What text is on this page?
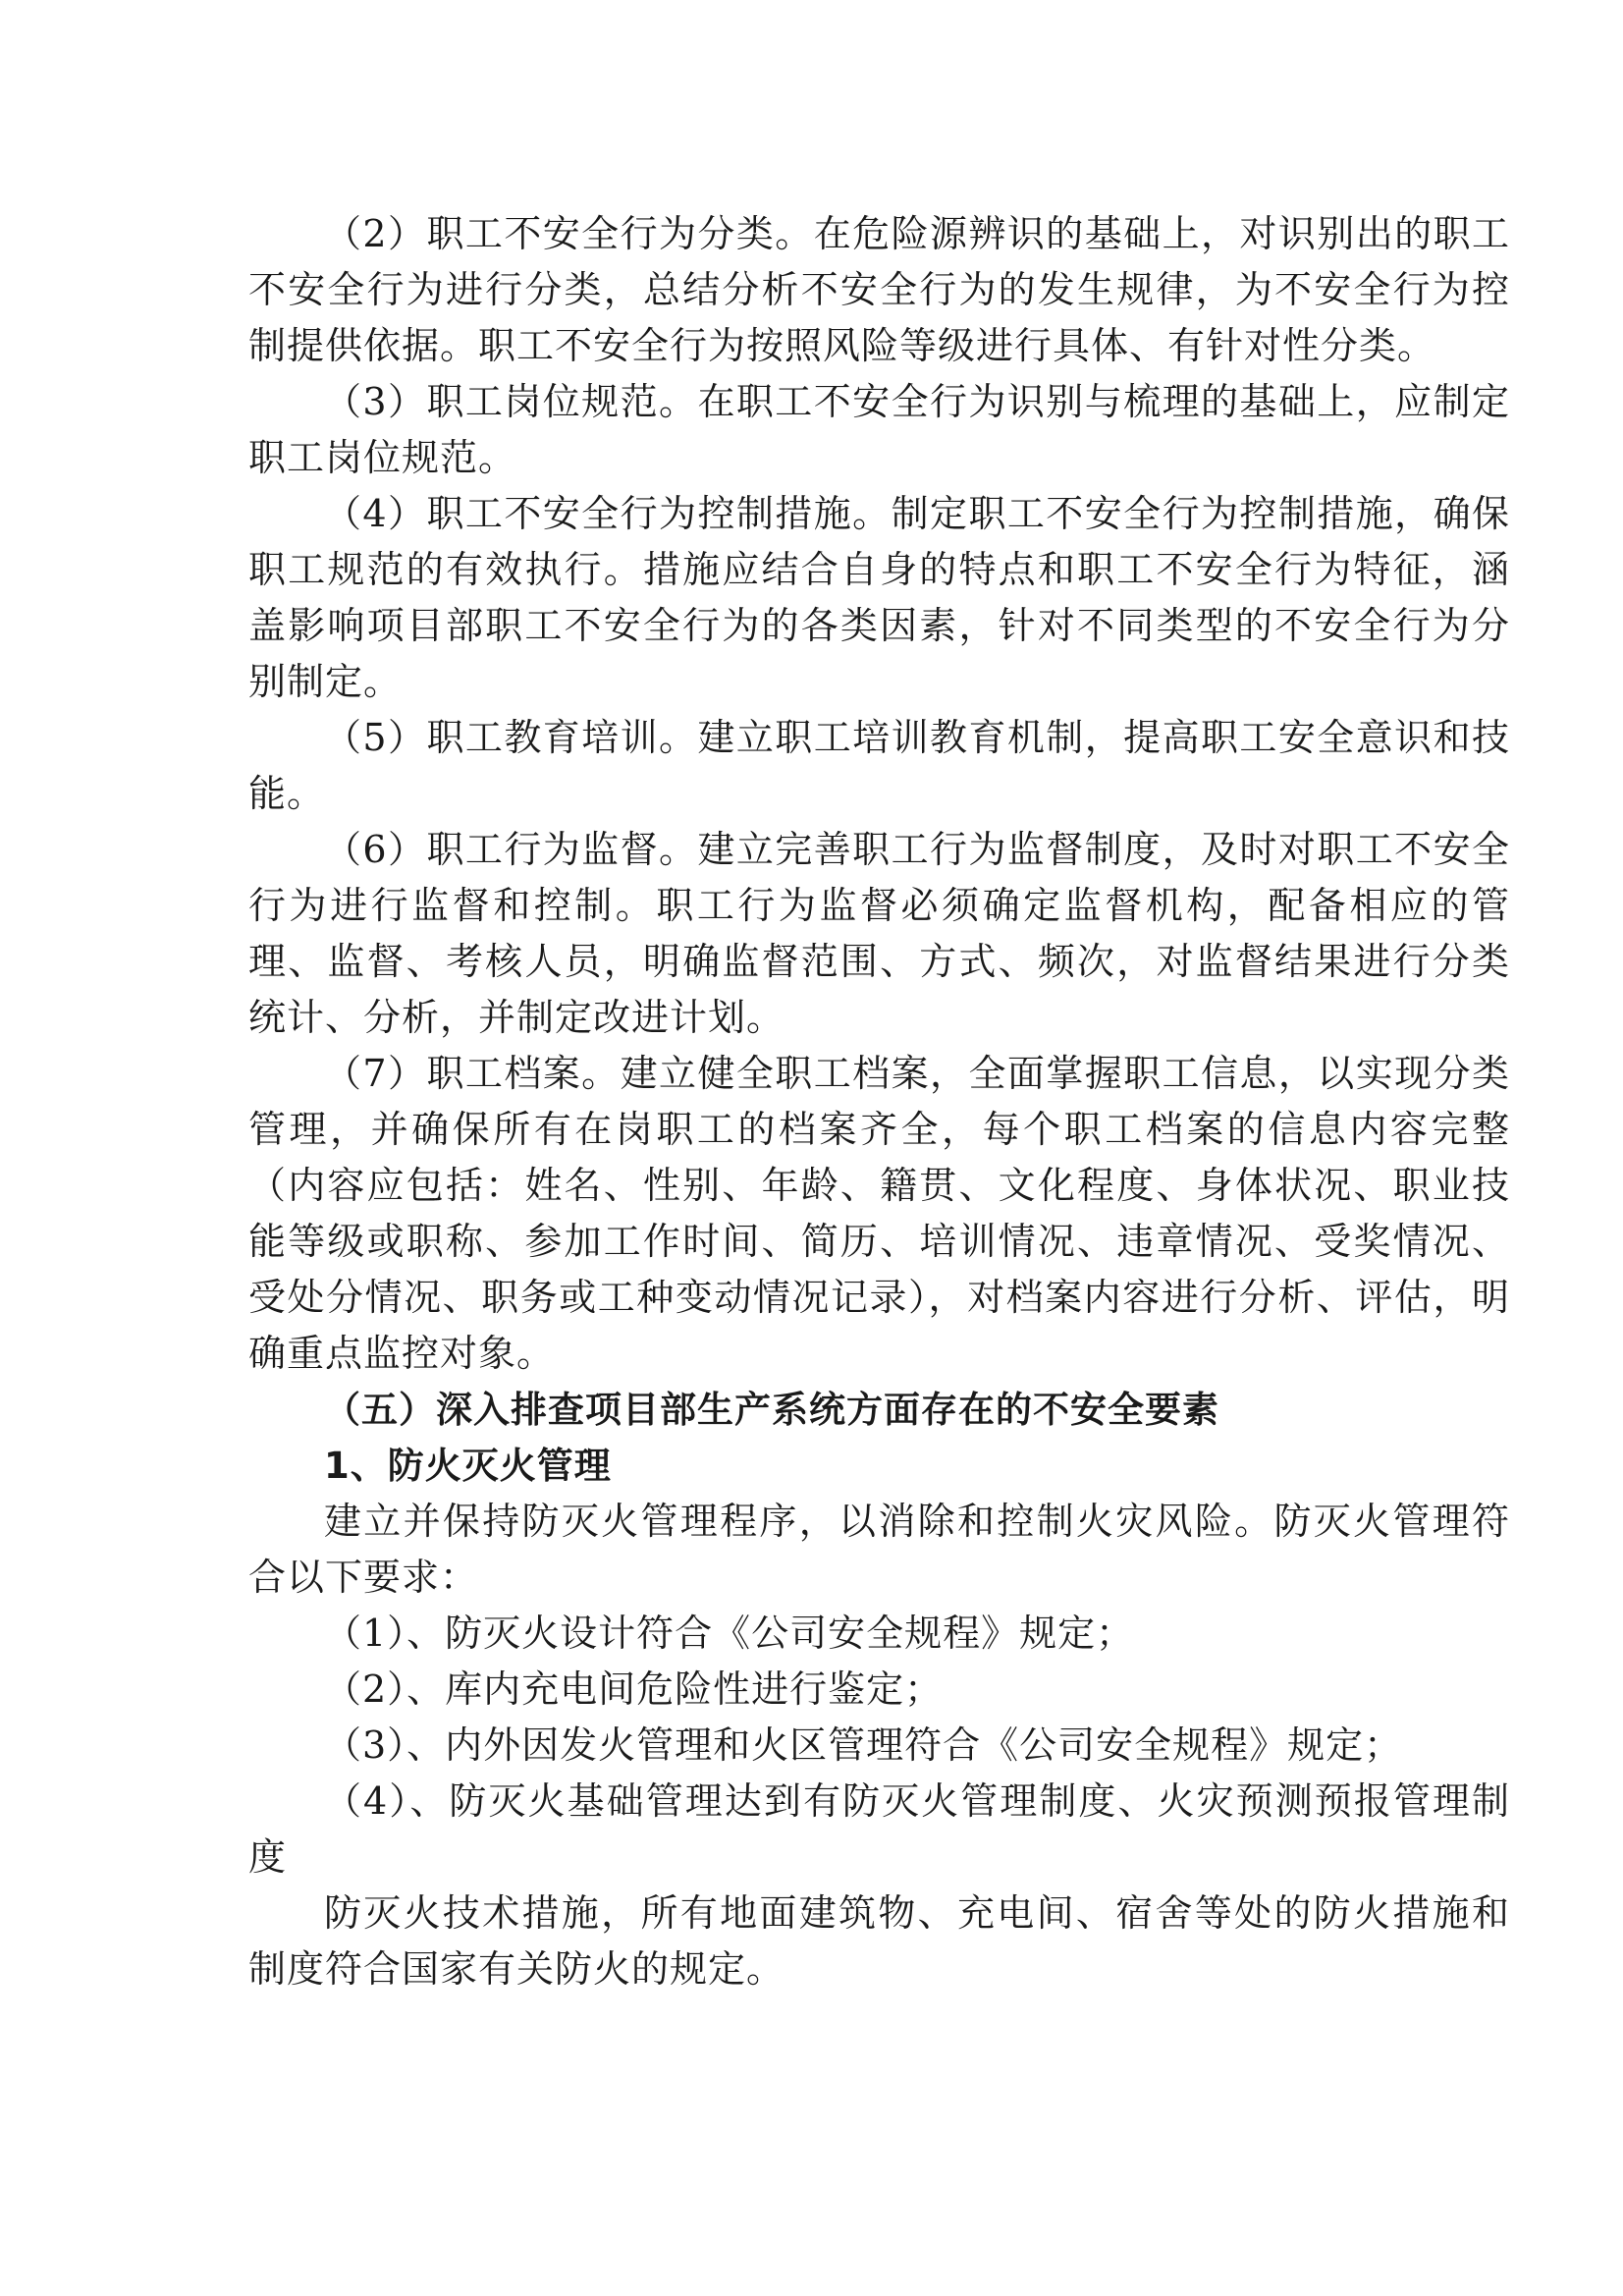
（2）职工不安全行为分类。在危险源辨识的基础上，对识别出的职工不安全行为进行分类，总结分析不安全行为的发生规律，为不安全行为控制提供依据。职工不安全行为按照风险等级进行具体、有针对性分类。

（3）职工岗位规范。在职工不安全行为识别与梳理的基础上，应制定职工岗位规范。

（4）职工不安全行为控制措施。制定职工不安全行为控制措施，确保职工规范的有效执行。措施应结合自身的特点和职工不安全行为特征，涵盖影响项目部职工不安全行为的各类因素，针对不同类型的不安全行为分别制定。

（5）职工教育培训。建立职工培训教育机制，提高职工安全意识和技能。

（6）职工行为监督。建立完善职工行为监督制度，及时对职工不安全行为进行监督和控制。职工行为监督必须确定监督机构，配备相应的管理、监督、考核人员，明确监督范围、方式、频次，对监督结果进行分类统计、分析，并制定改进计划。

（7）职工档案。建立健全职工档案，全面掌握职工信息，以实现分类管理，并确保所有在岗职工的档案齐全，每个职工档案的信息内容完整（内容应包括：姓名、性别、年龄、籍贯、文化程度、身体状况、职业技能等级或职称、参加工作时间、简历、培训情况、违章情况、受奖情况、受处分情况、职务或工种变动情况记录），对档案内容进行分析、评估，明确重点监控对象。

（五）深入排查项目部生产系统方面存在的不安全要素

1、防火灭火管理

建立并保持防灭火管理程序，以消除和控制火灾风险。防灭火管理符合以下要求：

（1）、防灭火设计符合《公司安全规程》规定；

（2）、库内充电间危险性进行鉴定；

（3）、内外因发火管理和火区管理符合《公司安全规程》规定；

（4）、防灭火基础管理达到有防灭火管理制度、火灾预测预报管理制度

防灭火技术措施，所有地面建筑物、充电间、宿舍等处的防火措施和制度符合国家有关防火的规定。
